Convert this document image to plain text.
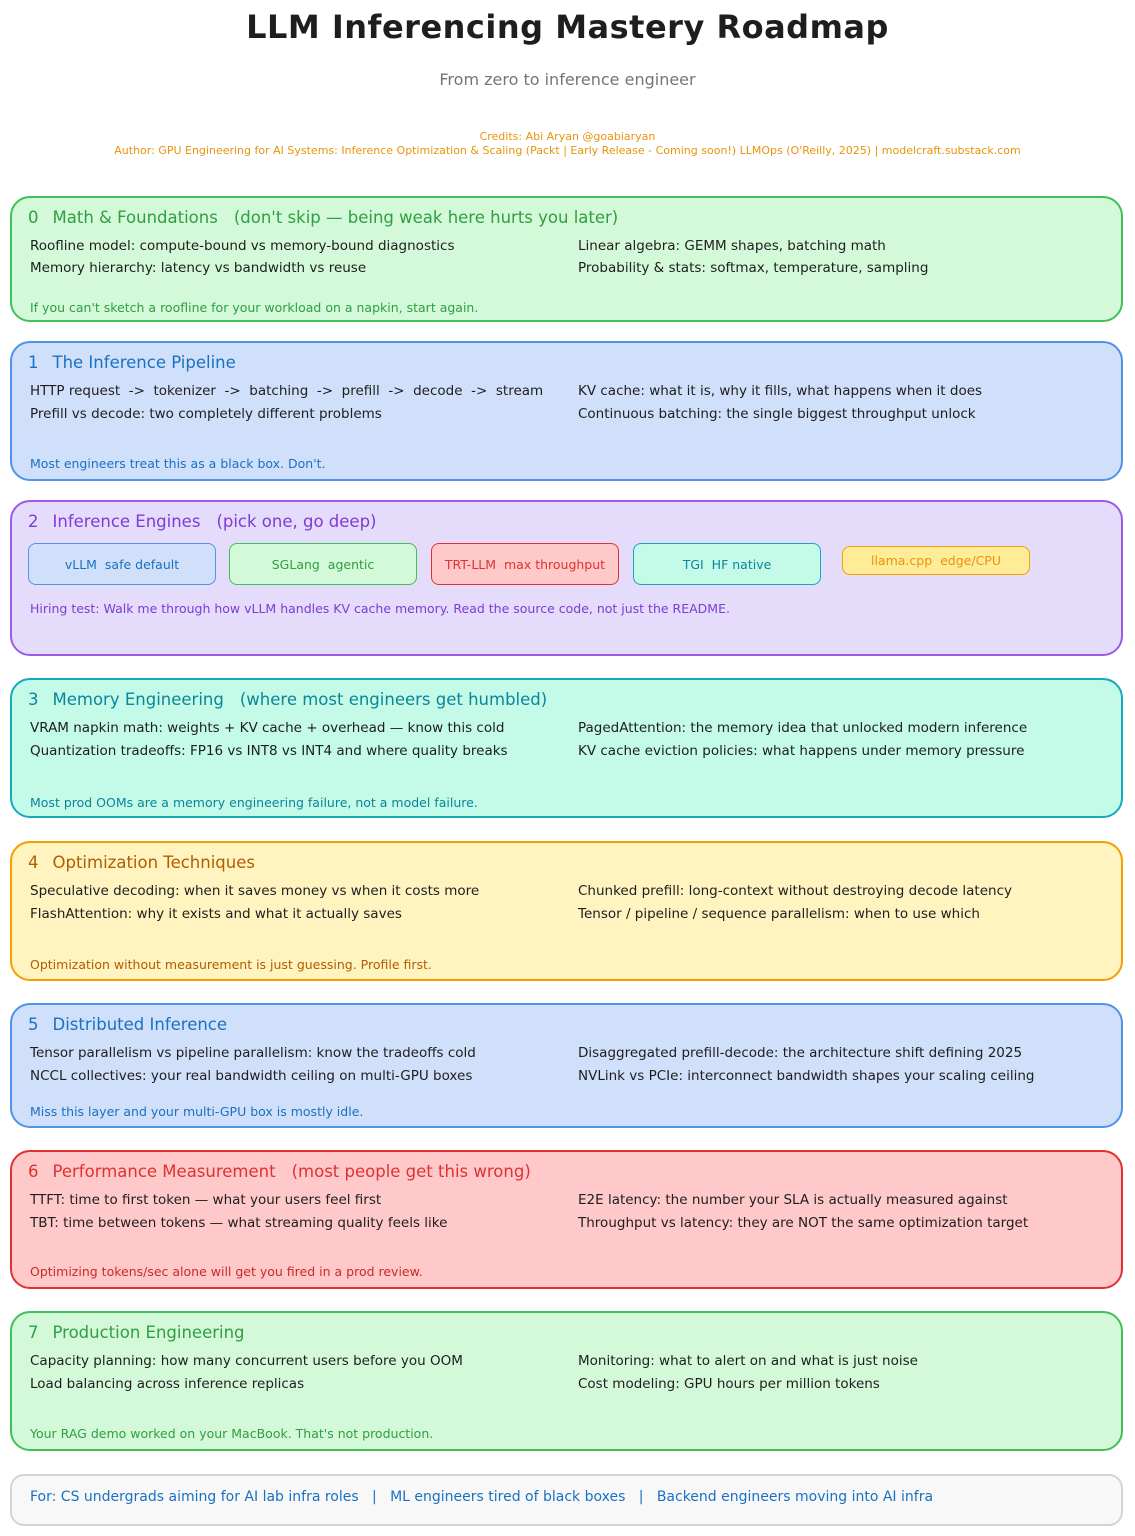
LLM Inferencing Mastery Roadmap
From zero to inference engineer
Credits: Abi Aryan @goabiaryan
Author: GPU Engineering for AI Systems: Inference Optimization & Scaling (Packt | Early Release - Coming soon!) LLMOps (O'Reilly, 2025) | modelcraft.substack.com
0 Math & Foundations (don't skip — being weak here hurts you later)
Roofline model: compute-bound vs memory-bound diagnostics
Memory hierarchy: latency vs bandwidth vs reuse
Linear algebra: GEMM shapes, batching math
Probability & stats: softmax, temperature, sampling
If you can't sketch a roofline for your workload on a napkin, start again.
1 The Inference Pipeline
HTTP request  ->  tokenizer  ->  batching  ->  prefill  ->  decode  ->  stream
Prefill vs decode: two completely different problems
KV cache: what it is, why it fills, what happens when it does
Continuous batching: the single biggest throughput unlock
Most engineers treat this as a black box. Don't.
2 Inference Engines (pick one, go deep)
vLLM
safe default	SGLang
agentic	TRT-LLM
max throughput	TGI
HF native	llama.cpp
edge/CPU
Hiring test: Walk me through how vLLM handles KV cache memory. Read the source code, not just the README.
3 Memory Engineering (where most engineers get humbled)
VRAM napkin math: weights + KV cache + overhead — know this cold
Quantization tradeoffs: FP16 vs INT8 vs INT4 and where quality breaks
PagedAttention: the memory idea that unlocked modern inference
KV cache eviction policies: what happens under memory pressure
Most prod OOMs are a memory engineering failure, not a model failure.
4 Optimization Techniques
Speculative decoding: when it saves money vs when it costs more
FlashAttention: why it exists and what it actually saves
Chunked prefill: long-context without destroying decode latency
Tensor / pipeline / sequence parallelism: when to use which
Optimization without measurement is just guessing. Profile first.
5 Distributed Inference
Tensor parallelism vs pipeline parallelism: know the tradeoffs cold
NCCL collectives: your real bandwidth ceiling on multi-GPU boxes
Disaggregated prefill-decode: the architecture shift defining 2025
NVLink vs PCIe: interconnect bandwidth shapes your scaling ceiling
Miss this layer and your multi-GPU box is mostly idle.
6 Performance Measurement (most people get this wrong)
TTFT: time to first token — what your users feel first
TBT: time between tokens — what streaming quality feels like
E2E latency: the number your SLA is actually measured against
Throughput vs latency: they are NOT the same optimization target
Optimizing tokens/sec alone will get you fired in a prod review.
7 Production Engineering
Capacity planning: how many concurrent users before you OOM
Load balancing across inference replicas
Monitoring: what to alert on and what is just noise
Cost modeling: GPU hours per million tokens
Your RAG demo worked on your MacBook. That's not production.
For: CS undergrads aiming for AI lab infra roles   |   ML engineers tired of black boxes   |   Backend engineers moving into AI infra
